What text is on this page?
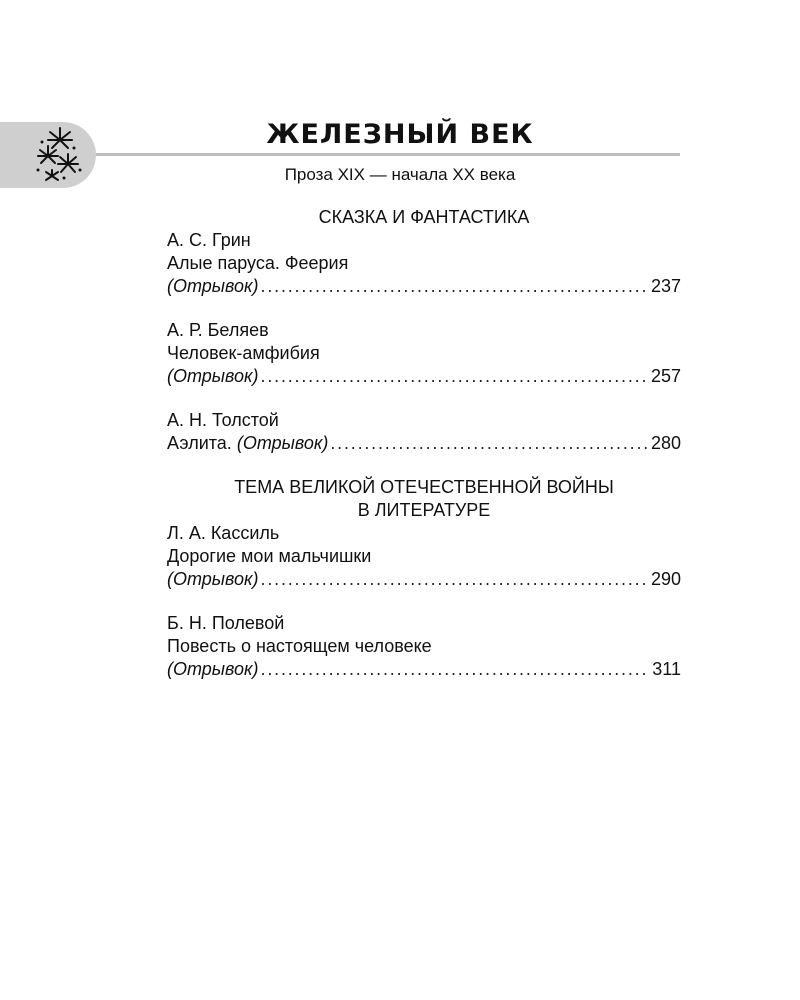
ЖЕЛЕЗНЫЙ ВЕК
Проза XIX — начала XX века
СКАЗКА И ФАНТАСТИКА
А. С. Грин
Алые паруса. Феерия
(Отрывок) . . .	237
А. Р. Беляев
Человек-амфибия
(Отрывок) . . .	257
А. Н. Толстой
Аэлита.
(Отрывок) . . .	280
ТЕМА ВЕЛИКОЙ ОТЕЧЕСТВЕННОЙ ВОЙНЫ
В ЛИТЕРАТУРЕ
Л. А. Кассиль
Дорогие мои мальчишки
(Отрывок) . . .	290
Б. Н. Полевой
Повесть о настоящем человеке
(Отрывок) . . .	311
